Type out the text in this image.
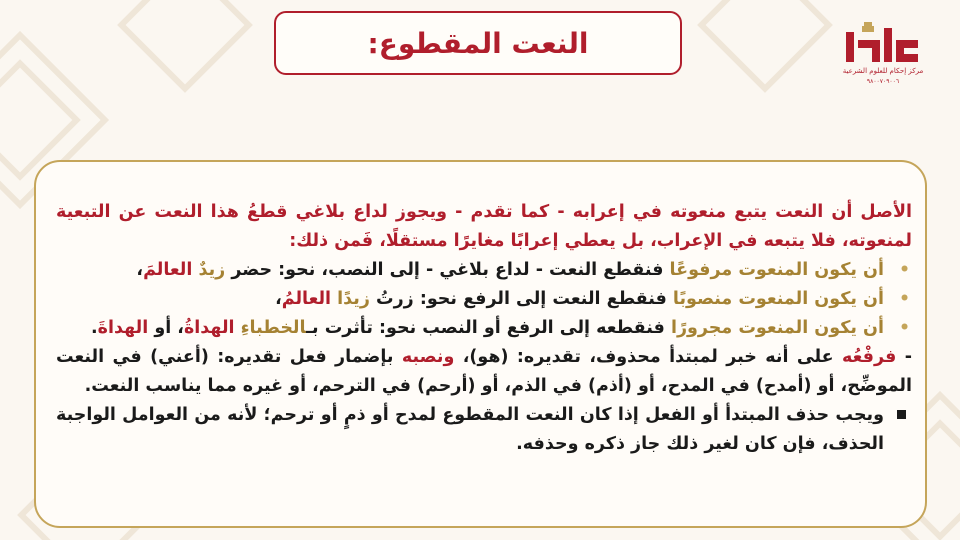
النعت المقطوع:
مركز إحكام للعلوم الشرعية
٩٨٠٠٧٠٩٠٠٦

الأصل أن النعت يتبع منعوته في إعرابه - كما تقدم - ويجوز لداع بلاغي قطعُ هذا النعت عن التبعية لمنعوته، فلا يتبعه في الإعراب، بل يعطي إعرابًا مغايرًا مستقلًا، فَمن ذلك:

•
أن يكون المنعوت مرفوعًا فنقطع النعت - لداع بلاغي - إلى النصب، نحو: حضر زيدٌ العالمَ،

•
أن يكون المنعوت منصوبًا فنقطع النعت إلى الرفع نحو: زرتُ زيدًا العالمُ،

•
أن يكون المنعوت مجرورًا فنقطعه إلى الرفع أو النصب نحو: تأثرت بـالخطباءِ الهداةُ، أو الهداةَ.

- فرفْعُه على أنه خبر لمبتدأ محذوف، تقديره: (هو)، ونصبه بإضمار فعل تقديره: (أعني) في النعت الموضِّح، أو (أمدح) في المدح، أو (أذم) في الذم، أو (أرحم) في الترحم، أو غيره مما يناسب النعت.

ويجب حذف المبتدأ أو الفعل إذا كان النعت المقطوع لمدح أو ذمٍ أو ترحم؛ لأنه من العوامل الواجبة الحذف، فإن كان لغير ذلك جاز ذكره وحذفه.
